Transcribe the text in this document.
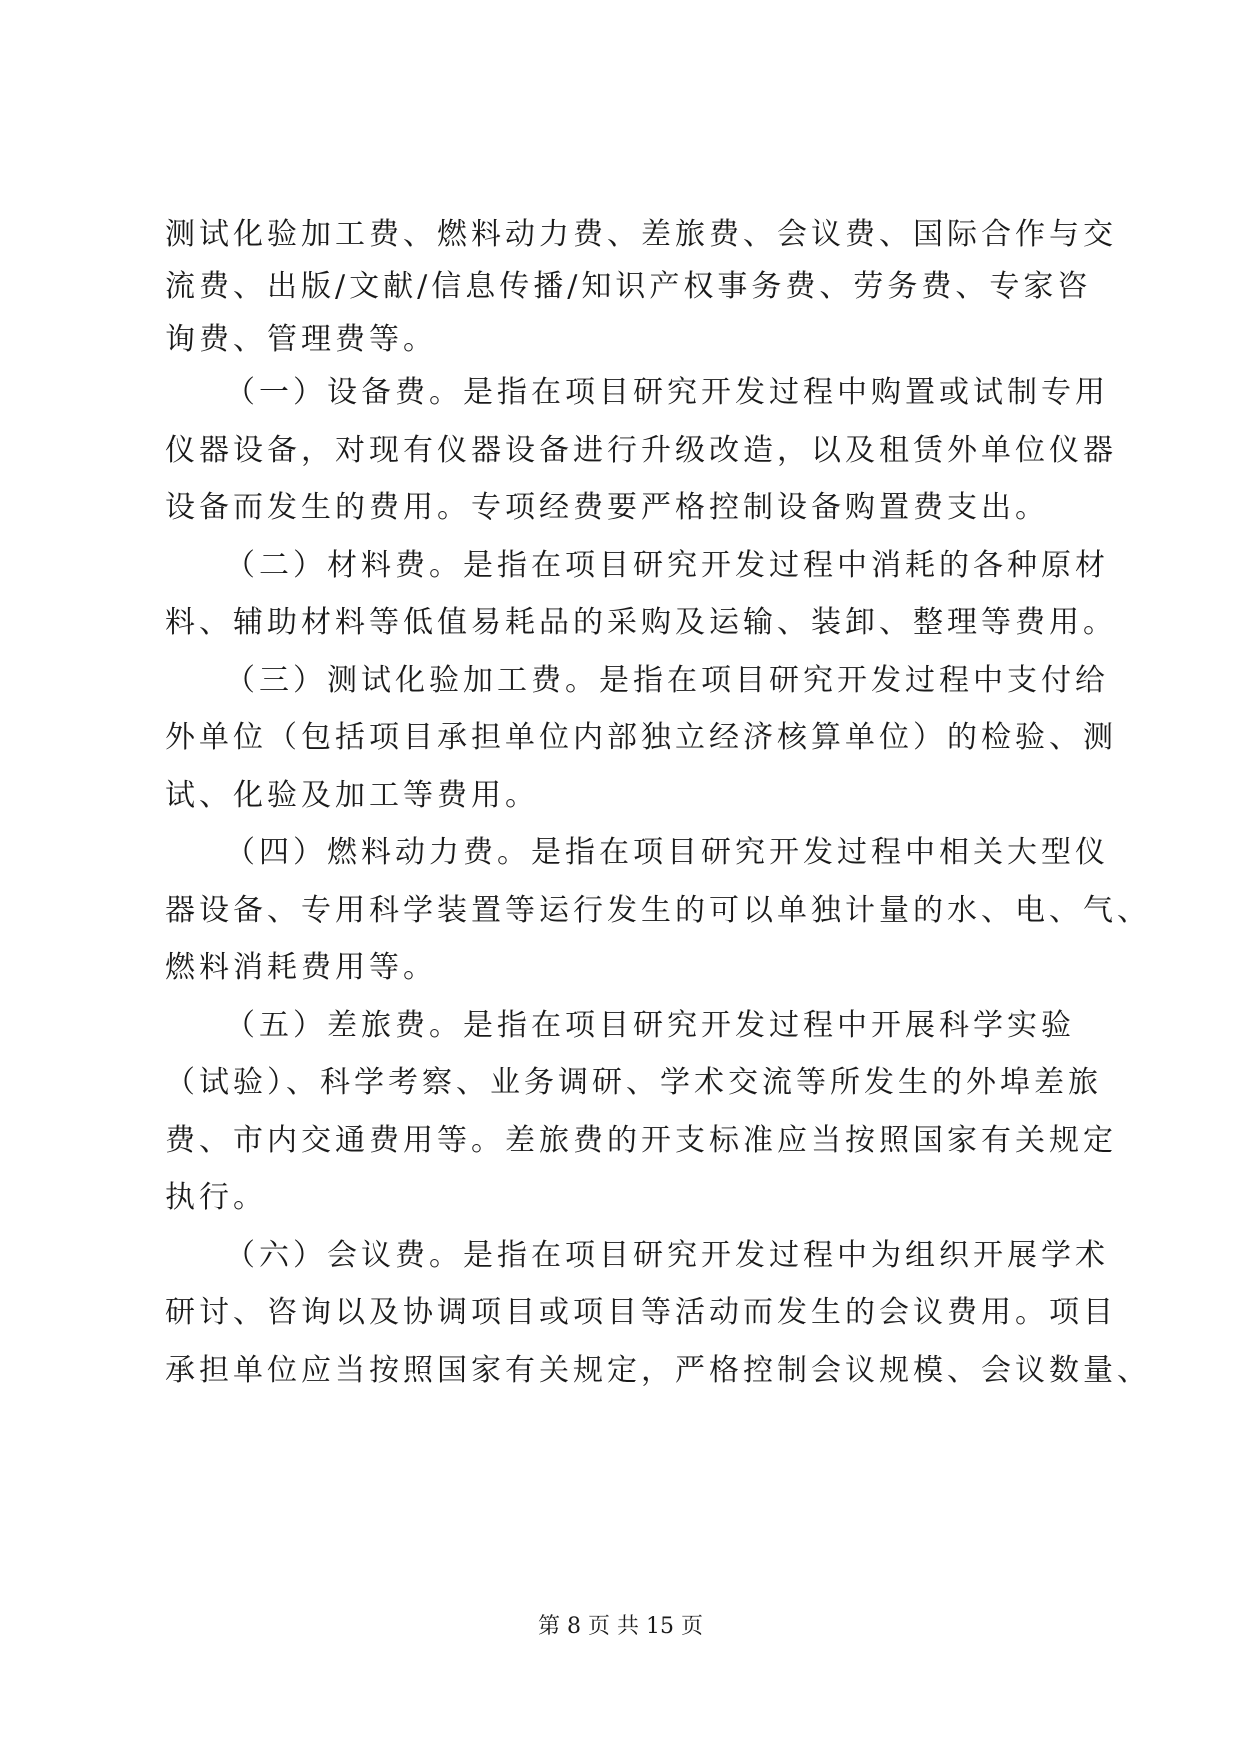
测试化验加工费、燃料动力费、差旅费、会议费、国际合作与交
流费、出版/文献/信息传播/知识产权事务费、劳务费、专家咨
询费、管理费等。
（一）设备费。是指在项目研究开发过程中购置或试制专用
仪器设备，对现有仪器设备进行升级改造，以及租赁外单位仪器
设备而发生的费用。专项经费要严格控制设备购置费支出。
（二）材料费。是指在项目研究开发过程中消耗的各种原材
料、辅助材料等低值易耗品的采购及运输、装卸、整理等费用。
（三）测试化验加工费。是指在项目研究开发过程中支付给
外单位（包括项目承担单位内部独立经济核算单位）的检验、测
试、化验及加工等费用。
（四）燃料动力费。是指在项目研究开发过程中相关大型仪
器设备、专用科学装置等运行发生的可以单独计量的水、电、气、
燃料消耗费用等。
（五）差旅费。是指在项目研究开发过程中开展科学实验
（试验）、科学考察、业务调研、学术交流等所发生的外埠差旅
费、市内交通费用等。差旅费的开支标准应当按照国家有关规定
执行。
（六）会议费。是指在项目研究开发过程中为组织开展学术
研讨、咨询以及协调项目或项目等活动而发生的会议费用。项目
承担单位应当按照国家有关规定，严格控制会议规模、会议数量、
第 8 页 共 15 页
